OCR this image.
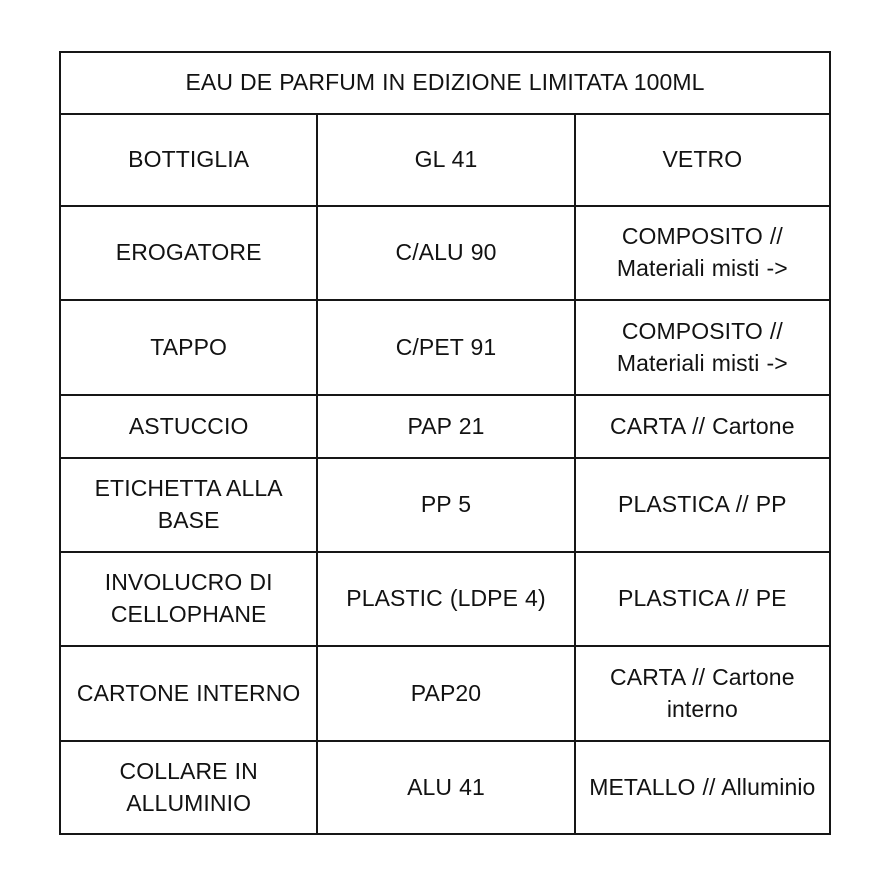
EAU DE PARFUM IN EDIZIONE LIMITATA 100ML		
BOTTIGLIA	GL 41	VETRO
EROGATORE	C/ALU 90	COMPOSITO // Materiali misti ->
TAPPO	C/PET 91	COMPOSITO // Materiali misti ->
ASTUCCIO	PAP 21	CARTA // Cartone
ETICHETTA ALLA BASE	PP 5	PLASTICA // PP
INVOLUCRO DI CELLOPHANE	PLASTIC (LDPE 4)	PLASTICA // PE
CARTONE INTERNO	PAP20	CARTA // Cartone interno
COLLARE IN ALLUMINIO	ALU 41	METALLO // Alluminio
